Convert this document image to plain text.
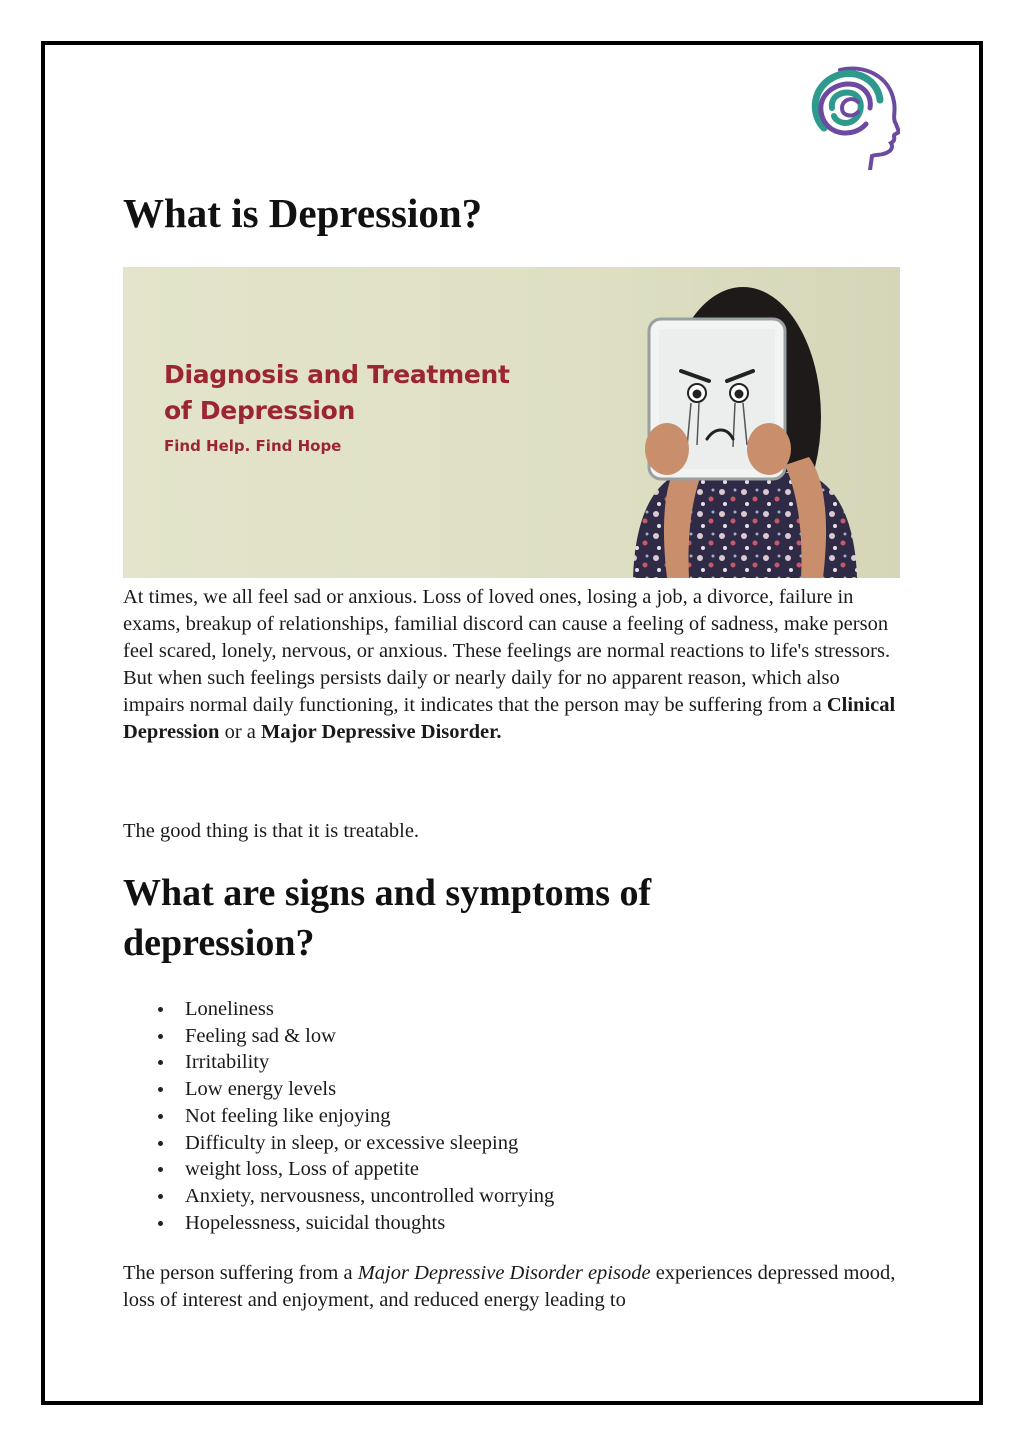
What is Depression?
Diagnosis and Treatment
of Depression
Find Help. Find Hope

At times, we all feel sad or anxious. Loss of loved ones, losing a job, a divorce, failure in exams, breakup of relationships, familial discord can cause a feeling of sadness, make person feel scared, lonely, nervous, or anxious. These feelings are normal reactions to life's stressors. But when such feelings persists daily or nearly daily for no apparent reason, which also impairs normal daily functioning, it indicates that the person may be suffering from a Clinical Depression or a Major Depressive Disorder.

The good thing is that it is treatable.

What are signs and symptoms of depression?
Loneliness
Feeling sad & low
Irritability
Low energy levels
Not feeling like enjoying
Difficulty in sleep, or excessive sleeping
weight loss, Loss of appetite
Anxiety, nervousness, uncontrolled worrying
Hopelessness, suicidal thoughts

The person suffering from a Major Depressive Disorder episode experiences depressed mood, loss of interest and enjoyment, and reduced energy leading to
